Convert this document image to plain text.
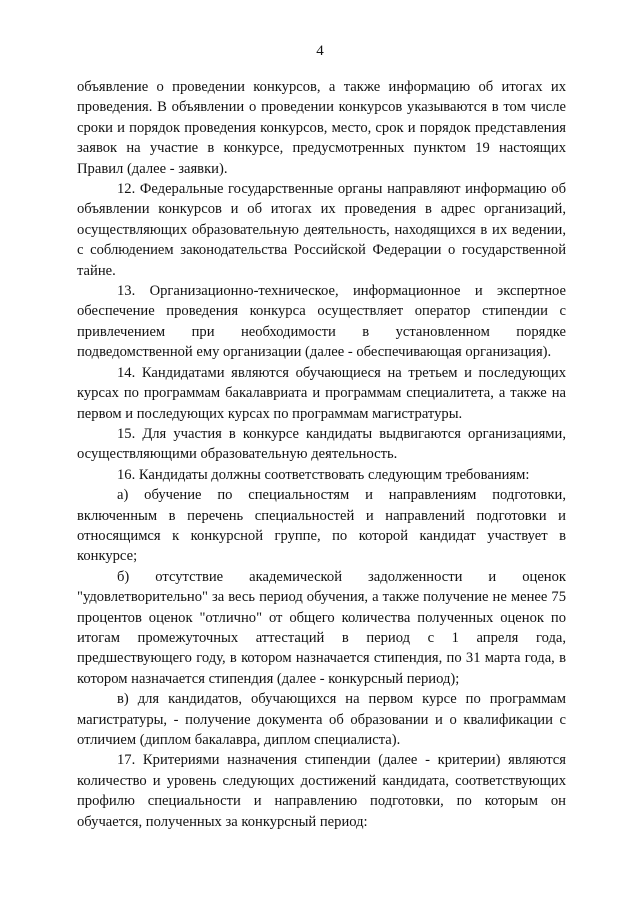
4

объявление о проведении конкурсов, а также информацию об итогах их проведения. В объявлении о проведении конкурсов указываются в том числе сроки и порядок проведения конкурсов, место, срок и порядок представления заявок на участие в конкурсе, предусмотренных пунктом 19 настоящих Правил (далее - заявки).

12. Федеральные государственные органы направляют информацию об объявлении конкурсов и об итогах их проведения в адрес организаций, осуществляющих образовательную деятельность, находящихся в их ведении, с соблюдением законодательства Российской Федерации о государственной тайне.

13. Организационно-техническое, информационное и экспертное обеспечение проведения конкурса осуществляет оператор стипендии с привлечением при необходимости в установленном порядке подведомственной ему организации (далее - обеспечивающая организация).

14. Кандидатами являются обучающиеся на третьем и последующих курсах по программам бакалавриата и программам специалитета, а также на первом и последующих курсах по программам магистратуры.

15. Для участия в конкурсе кандидаты выдвигаются организациями, осуществляющими образовательную деятельность.

16. Кандидаты должны соответствовать следующим требованиям:

а) обучение по специальностям и направлениям подготовки, включенным в перечень специальностей и направлений подготовки и относящимся к конкурсной группе, по которой кандидат участвует в конкурсе;

б) отсутствие академической задолженности и оценок "удовлетворительно" за весь период обучения, а также получение не менее 75 процентов оценок "отлично" от общего количества полученных оценок по итогам промежуточных аттестаций в период с 1 апреля года, предшествующего году, в котором назначается стипендия, по 31 марта года, в котором назначается стипендия (далее - конкурсный период);

в) для кандидатов, обучающихся на первом курсе по программам магистратуры, - получение документа об образовании и о квалификации с отличием (диплом бакалавра, диплом специалиста).

17. Критериями назначения стипендии (далее - критерии) являются количество и уровень следующих достижений кандидата, соответствующих профилю специальности и направлению подготовки, по которым он обучается, полученных за конкурсный период:
